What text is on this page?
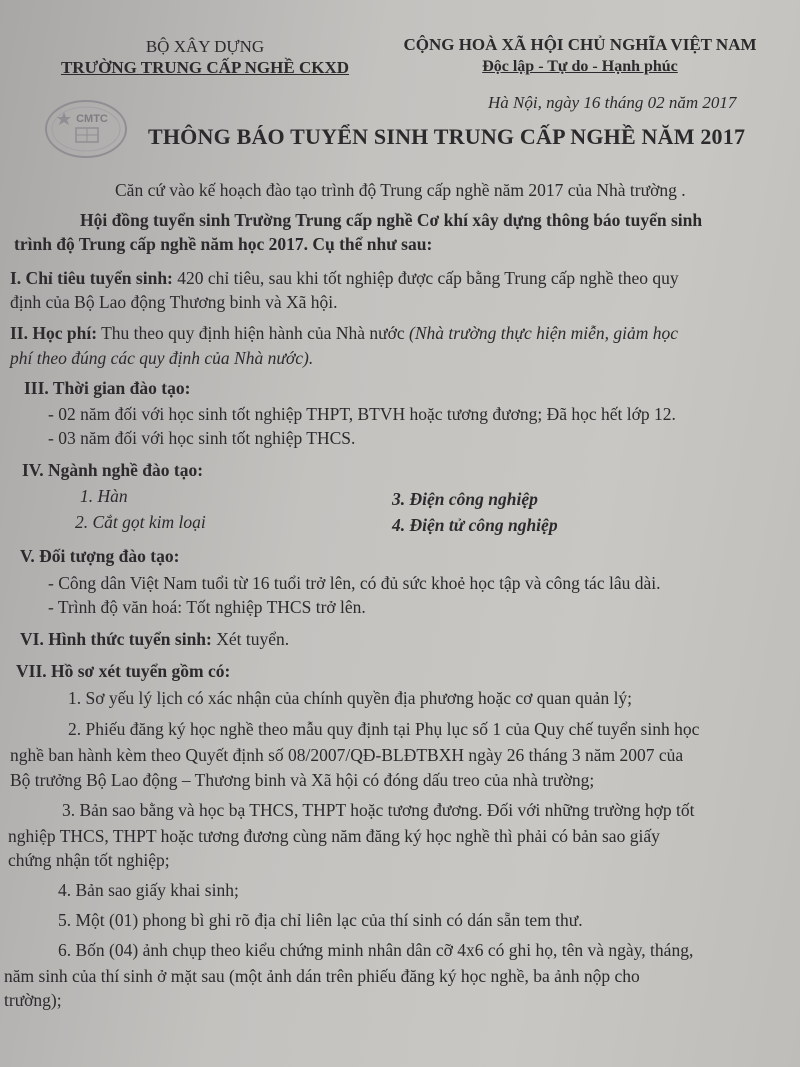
BỘ XÂY DỰNG
TRƯỜNG TRUNG CẤP NGHỀ CKXD
CỘNG HOÀ XÃ HỘI CHỦ NGHĨA VIỆT NAM
Độc lập - Tự do - Hạnh phúc
Hà Nội, ngày 16 tháng 02 năm 2017
CMTC
THÔNG BÁO TUYỂN SINH TRUNG CẤP NGHỀ NĂM 2017
Căn cứ vào kế hoạch đào tạo trình độ Trung cấp nghề năm 2017 của Nhà trường .
Hội đồng tuyển sinh Trường Trung cấp nghề Cơ khí xây dựng thông báo tuyển sinh
trình độ Trung cấp nghề năm học 2017. Cụ thể như sau:
I. Chỉ tiêu tuyển sinh: 420 chỉ tiêu, sau khi tốt nghiệp được cấp bằng Trung cấp nghề theo quy
định của Bộ Lao động Thương binh và Xã hội.
II. Học phí: Thu theo quy định hiện hành của Nhà nước (Nhà trường thực hiện miễn, giảm học
phí theo đúng các quy định của Nhà nước).
III. Thời gian đào tạo:
- 02 năm đối với học sinh tốt nghiệp THPT, BTVH hoặc tương đương; Đã học hết lớp 12.
- 03 năm đối với học sinh tốt nghiệp THCS.
IV. Ngành nghề đào tạo:
1. Hàn
2. Cắt gọt kim loại
3. Điện công nghiệp
4. Điện tử công nghiệp
V. Đối tượng đào tạo:
- Công dân Việt Nam tuổi từ 16 tuổi trở lên, có đủ sức khoẻ học tập và công tác lâu dài.
- Trình độ văn hoá: Tốt nghiệp THCS trở lên.
VI. Hình thức tuyển sinh: Xét tuyển.
VII. Hồ sơ xét tuyển gồm có:
1. Sơ yếu lý lịch có xác nhận của chính quyền địa phương hoặc cơ quan quản lý;
2. Phiếu đăng ký học nghề theo mẫu quy định tại Phụ lục số 1 của Quy chế tuyển sinh học
nghề ban hành kèm theo Quyết định số 08/2007/QĐ-BLĐTBXH ngày 26 tháng 3 năm 2007 của
Bộ trưởng Bộ Lao động – Thương binh và Xã hội có đóng dấu treo của nhà trường;
3. Bản sao bằng và học bạ THCS, THPT hoặc tương đương. Đối với những trường hợp tốt
nghiệp THCS, THPT hoặc tương đương cùng năm đăng ký học nghề thì phải có bản sao giấy
chứng nhận tốt nghiệp;
4. Bản sao giấy khai sinh;
5. Một (01) phong bì ghi rõ địa chỉ liên lạc của thí sinh có dán sẵn tem thư.
6. Bốn (04) ảnh chụp theo kiểu chứng minh nhân dân cỡ 4x6 có ghi họ, tên và ngày, tháng,
năm sinh của thí sinh ở mặt sau (một ảnh dán trên phiếu đăng ký học nghề, ba ảnh nộp cho
trường);
